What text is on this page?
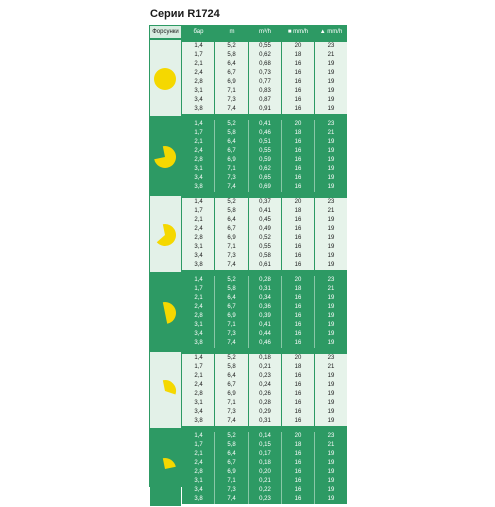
Серии R1724
Форсунки	бар	m	m³/h	■ mm/h	▲ mm/h
1,4	5,2	0,55	20	23
1,7	5,8	0,62	18	21
2,1	6,4	0,68	16	19
2,4	6,7	0,73	16	19
2,8	6,9	0,77	16	19
3,1	7,1	0,83	16	19
3,4	7,3	0,87	16	19
3,8	7,4	0,91	16	19
1,4	5,2	0,41	20	23
1,7	5,8	0,46	18	21
2,1	6,4	0,51	16	19
2,4	6,7	0,55	16	19
2,8	6,9	0,59	16	19
3,1	7,1	0,62	16	19
3,4	7,3	0,65	16	19
3,8	7,4	0,69	16	19
1,4	5,2	0,37	20	23
1,7	5,8	0,41	18	21
2,1	6,4	0,45	16	19
2,4	6,7	0,49	16	19
2,8	6,9	0,52	16	19
3,1	7,1	0,55	16	19
3,4	7,3	0,58	16	19
3,8	7,4	0,61	16	19
1,4	5,2	0,28	20	23
1,7	5,8	0,31	18	21
2,1	6,4	0,34	16	19
2,4	6,7	0,36	16	19
2,8	6,9	0,39	16	19
3,1	7,1	0,41	16	19
3,4	7,3	0,44	16	19
3,8	7,4	0,46	16	19
1,4	5,2	0,18	20	23
1,7	5,8	0,21	18	21
2,1	6,4	0,23	16	19
2,4	6,7	0,24	16	19
2,8	6,9	0,26	16	19
3,1	7,1	0,28	16	19
3,4	7,3	0,29	16	19
3,8	7,4	0,31	16	19
1,4	5,2	0,14	20	23
1,7	5,8	0,15	18	21
2,1	6,4	0,17	16	19
2,4	6,7	0,18	16	19
2,8	6,9	0,20	16	19
3,1	7,1	0,21	16	19
3,4	7,3	0,22	16	19
3,8	7,4	0,23	16	19
